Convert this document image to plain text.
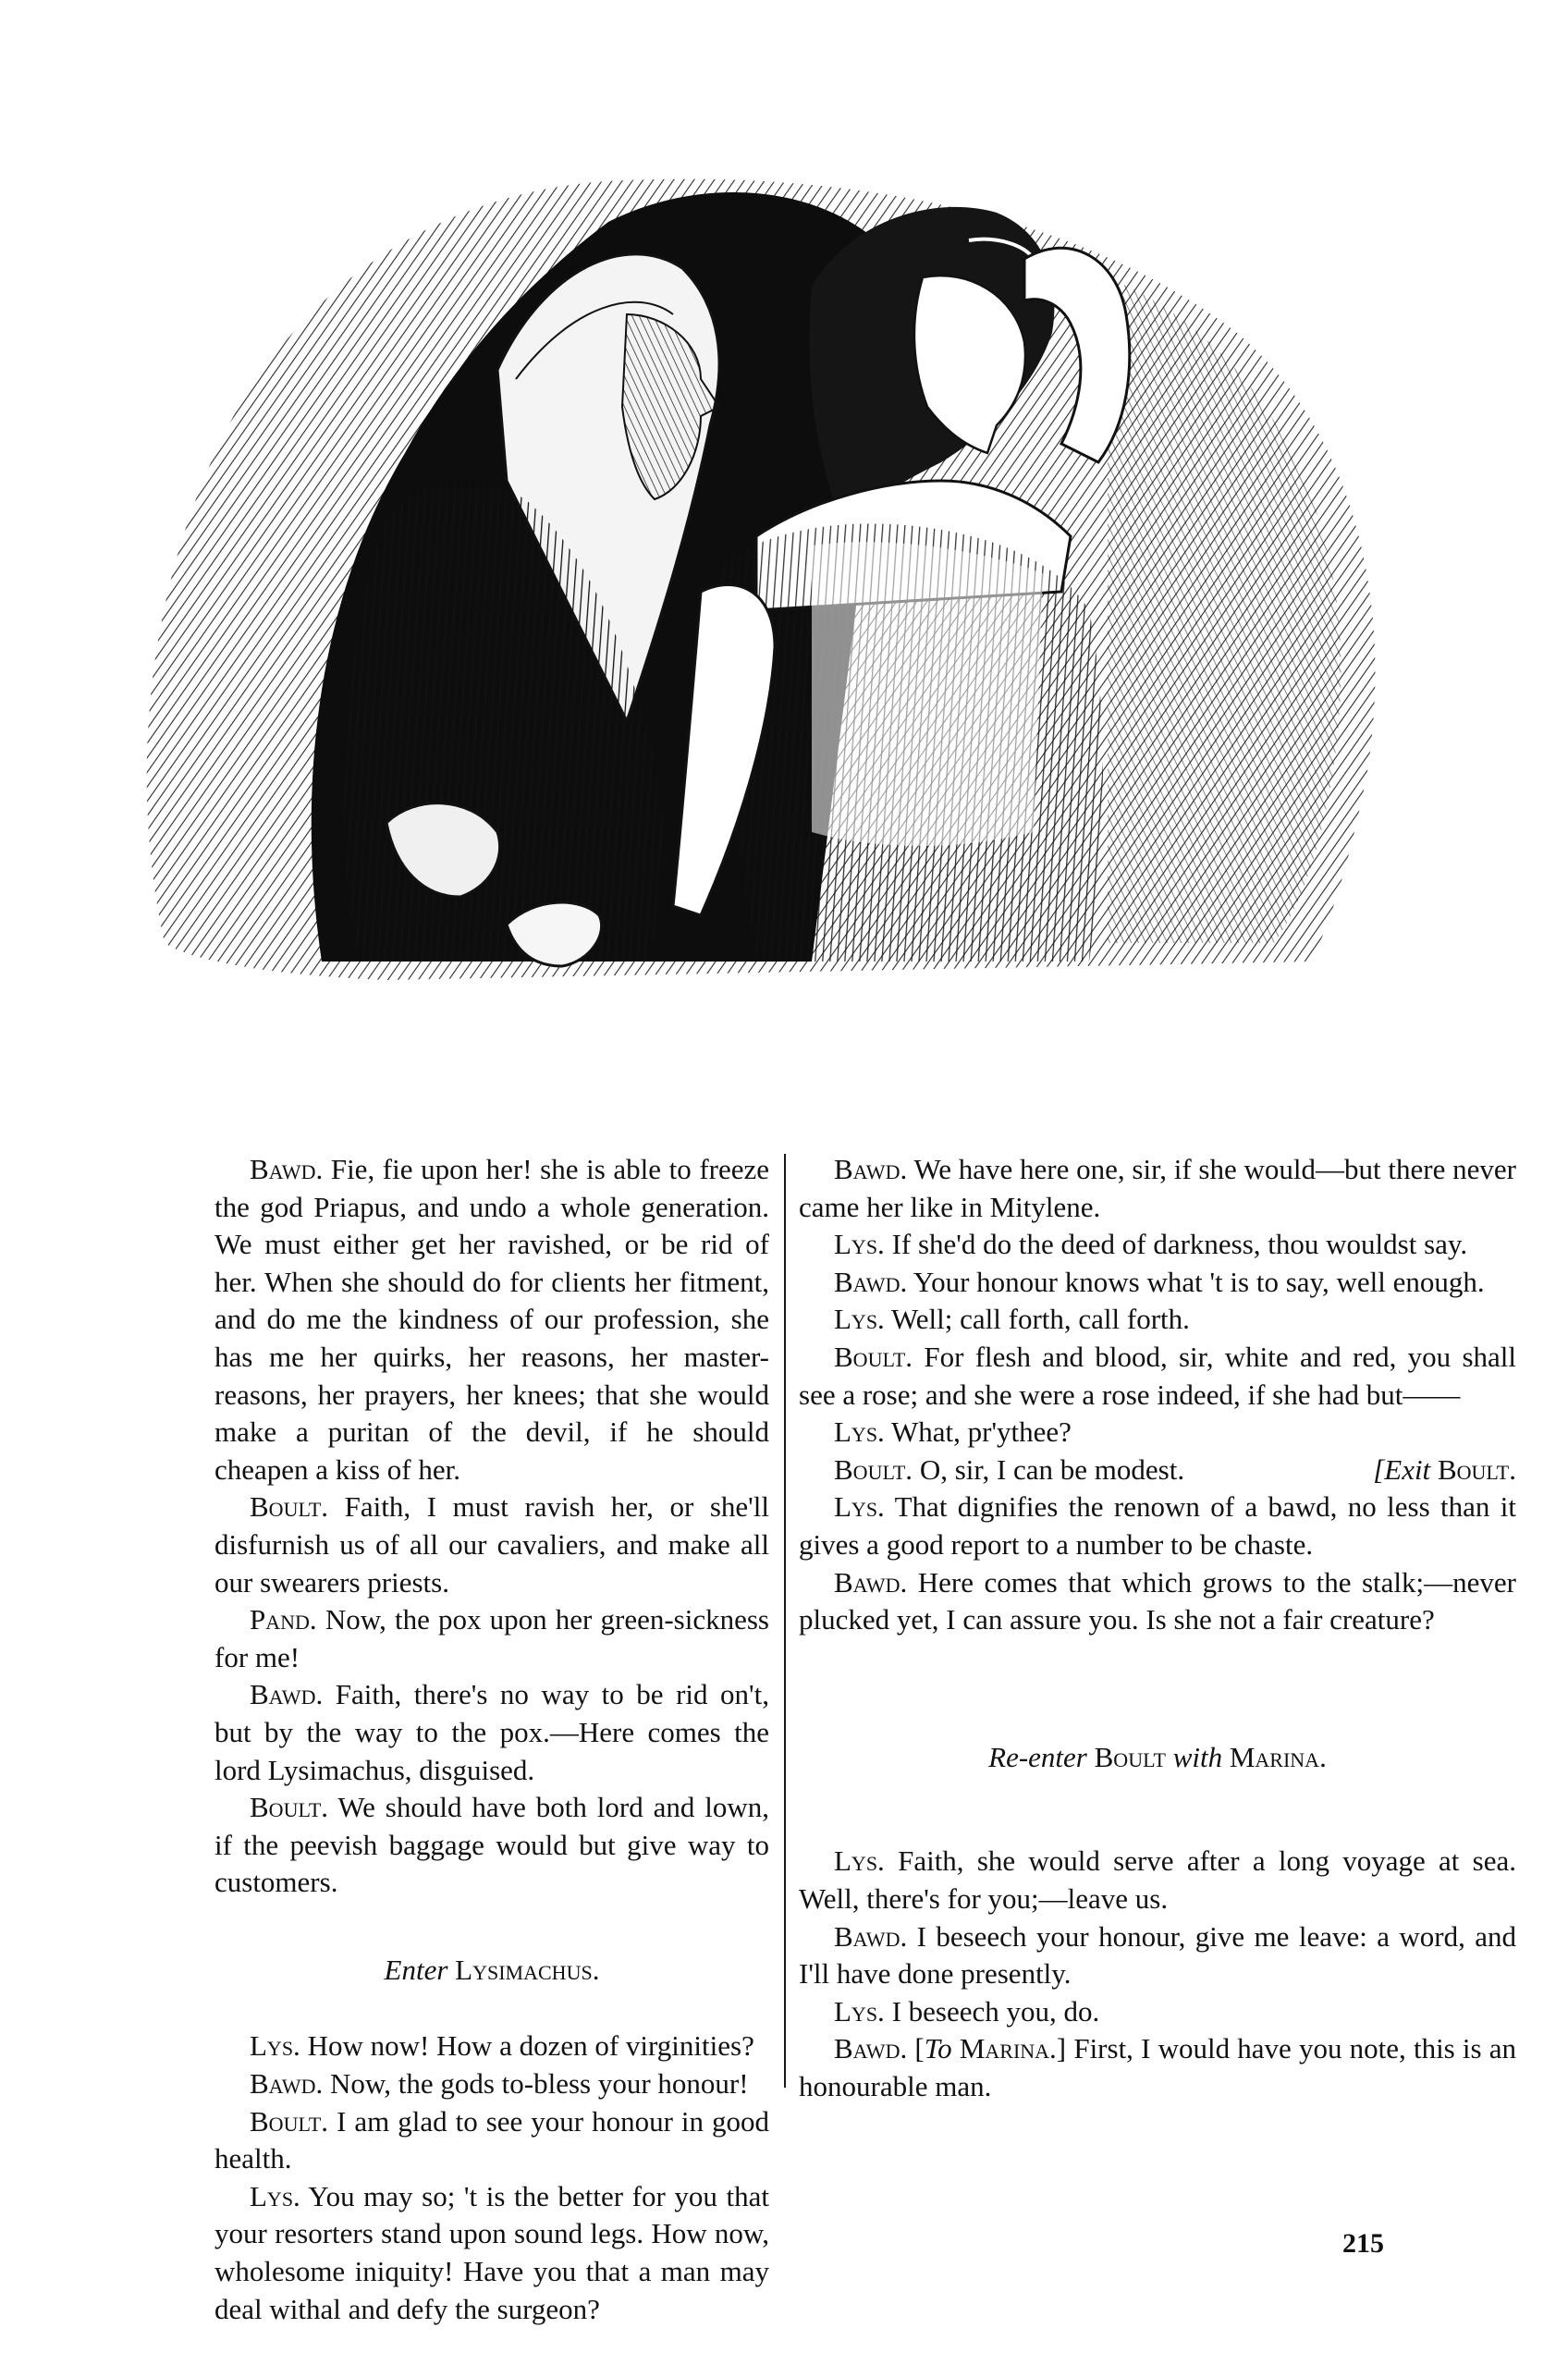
Bawd. Fie, fie upon her! she is able to freeze the god Priapus, and undo a whole generation. We must either get her ravished, or be rid of her. When she should do for clients her fitment, and do me the kindness of our profession, she has me her quirks, her reasons, her master-reasons, her prayers, her knees; that she would make a puritan of the devil, if he should cheapen a kiss of her.

Boult. Faith, I must ravish her, or she'll disfurnish us of all our cavaliers, and make all our swearers priests.

Pand. Now, the pox upon her green-sickness for me!

Bawd. Faith, there's no way to be rid on't, but by the way to the pox.—Here comes the lord Lysimachus, disguised.

Boult. We should have both lord and lown, if the peevish baggage would but give way to customers.

Enter Lysimachus.

Lys. How now! How a dozen of virginities?

Bawd. Now, the gods to-bless your honour!

Boult. I am glad to see your honour in good health.

Lys. You may so; 't is the better for you that your resorters stand upon sound legs. How now, wholesome iniquity! Have you that a man may deal withal and defy the surgeon?

Bawd. We have here one, sir, if she would—but there never came her like in Mitylene.

Lys. If she'd do the deed of darkness, thou wouldst say.

Bawd. Your honour knows what 't is to say, well enough.

Lys. Well; call forth, call forth.

Boult. For flesh and blood, sir, white and red, you shall see a rose; and she were a rose indeed, if she had but——

Lys. What, pr'ythee?

Boult. O, sir, I can be modest.	[Exit Boult.

Lys. That dignifies the renown of a bawd, no less than it gives a good report to a number to be chaste.

Bawd. Here comes that which grows to the stalk;—never plucked yet, I can assure you. Is she not a fair creature?

Re-enter Boult with Marina.

Lys. Faith, she would serve after a long voyage at sea. Well, there's for you;—leave us.

Bawd. I beseech your honour, give me leave: a word, and I'll have done presently.

Lys. I beseech you, do.

Bawd. [To Marina.] First, I would have you note, this is an honourable man.

215
